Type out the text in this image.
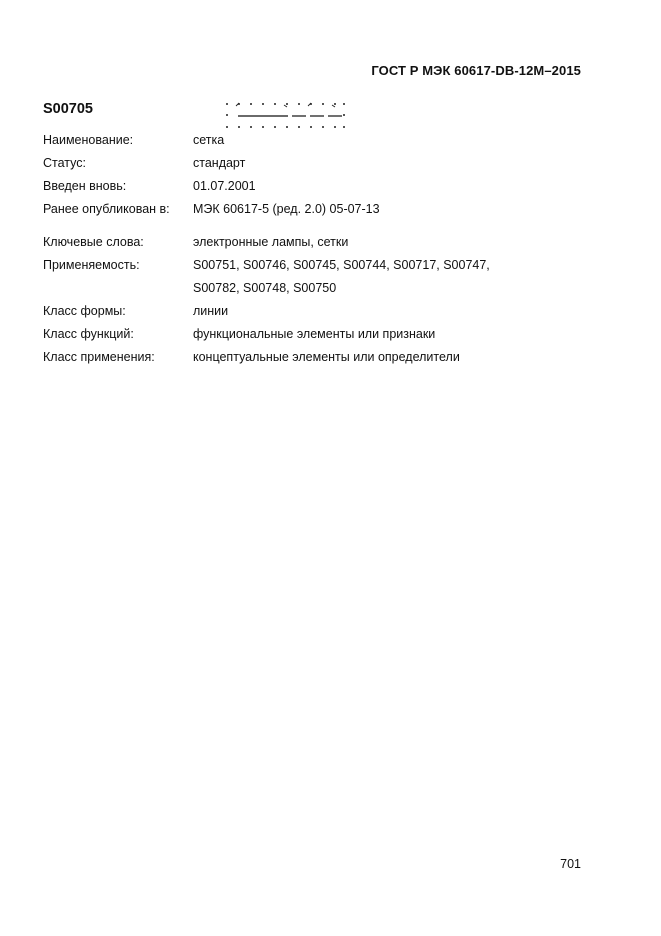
ГОСТ Р МЭК 60617-DB-12M–2015
S00705
Наименование:	сетка
Статус:	стандарт
Введен вновь:	01.07.2001
Ранее опубликован в: МЭК 60617-5 (ред. 2.0) 05-07-13
Ключевые слова:	электронные лампы, сетки
Применяемость:	S00751, S00746, S00745, S00744, S00717, S00747,
S00782, S00748, S00750
Класс формы:	линии
Класс функций:	функциональные элементы или признаки
Класс применения:	концептуальные элементы или определители
701
